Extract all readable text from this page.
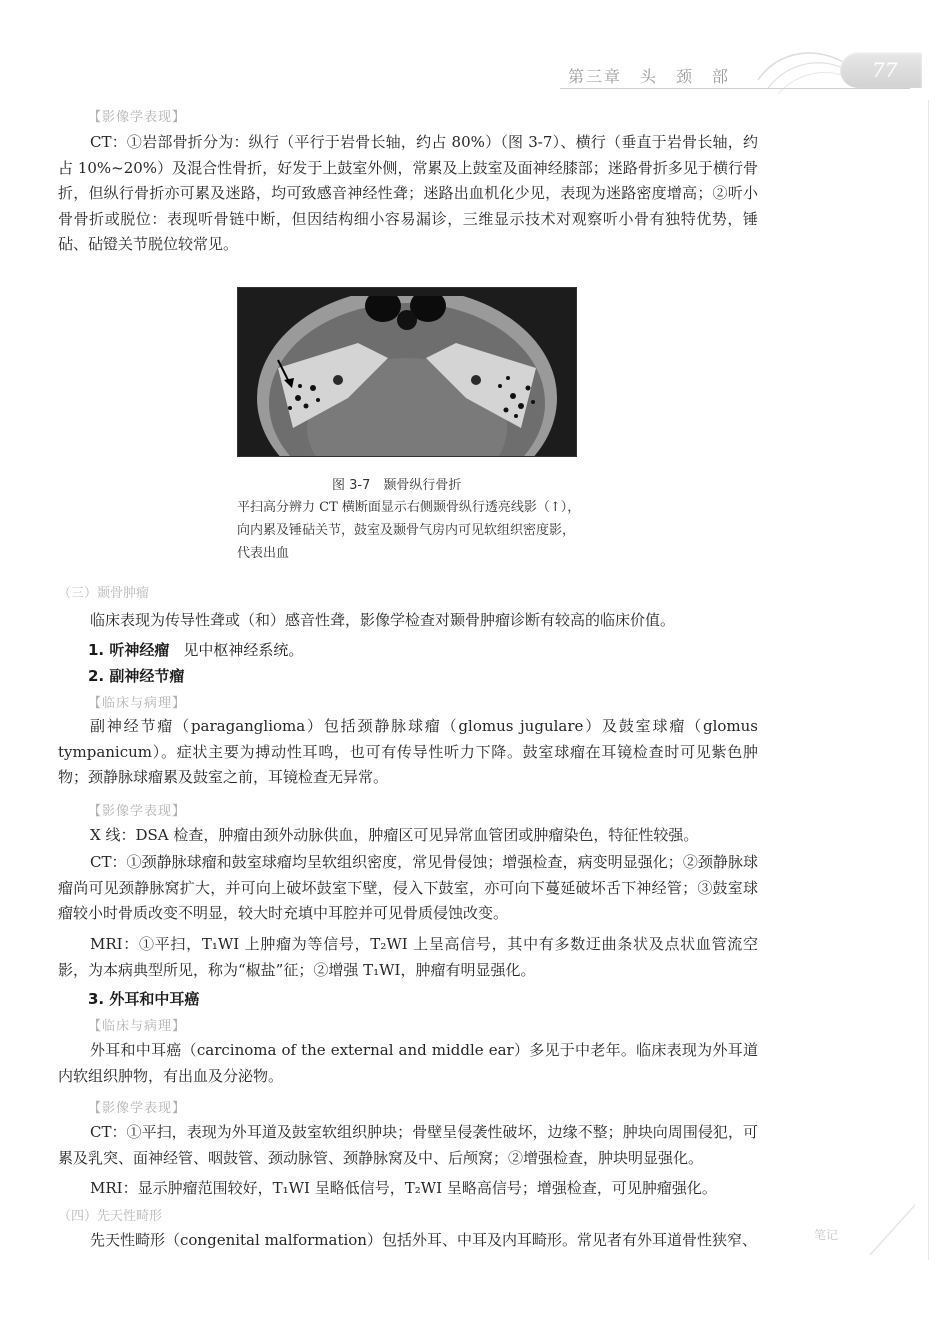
第三章　头　颈　部	77
【影像学表现】
CT：①岩部骨折分为：纵行（平行于岩骨长轴，约占 80%）（图 3-7）、横行（垂直于岩骨长轴，约占 10%~20%）及混合性骨折，好发于上鼓室外侧，常累及上鼓室及面神经膝部；迷路骨折多见于横行骨折，但纵行骨折亦可累及迷路，均可致感音神经性聋；迷路出血机化少见，表现为迷路密度增高；②听小骨骨折或脱位：表现听骨链中断，但因结构细小容易漏诊，三维显示技术对观察听小骨有独特优势，锤砧、砧镫关节脱位较常见。
图 3-7　颞骨纵行骨折
平扫高分辨力 CT 横断面显示右侧颞骨纵行透亮线影（↑），向内累及锤砧关节，鼓室及颞骨气房内可见软组织密度影，代表出血
（三）颞骨肿瘤
临床表现为传导性聋或（和）感音性聋，影像学检查对颞骨肿瘤诊断有较高的临床价值。
1. 听神经瘤 见中枢神经系统。
2. 副神经节瘤
【临床与病理】
副神经节瘤（paraganglioma）包括颈静脉球瘤（glomus jugulare）及鼓室球瘤（glomus tympanicum）。症状主要为搏动性耳鸣，也可有传导性听力下降。鼓室球瘤在耳镜检查时可见紫色肿物；颈静脉球瘤累及鼓室之前，耳镜检查无异常。
【影像学表现】
X 线：DSA 检查，肿瘤由颈外动脉供血，肿瘤区可见异常血管团或肿瘤染色，特征性较强。
CT：①颈静脉球瘤和鼓室球瘤均呈软组织密度，常见骨侵蚀；增强检查，病变明显强化；②颈静脉球瘤尚可见颈静脉窝扩大，并可向上破坏鼓室下壁，侵入下鼓室，亦可向下蔓延破坏舌下神经管；③鼓室球瘤较小时骨质改变不明显，较大时充填中耳腔并可见骨质侵蚀改变。
MRI：①平扫，T₁WI 上肿瘤为等信号，T₂WI 上呈高信号，其中有多数迂曲条状及点状血管流空影，为本病典型所见，称为“椒盐”征；②增强 T₁WI，肿瘤有明显强化。
3. 外耳和中耳癌
【临床与病理】
外耳和中耳癌（carcinoma of the external and middle ear）多见于中老年。临床表现为外耳道内软组织肿物，有出血及分泌物。
【影像学表现】
CT：①平扫，表现为外耳道及鼓室软组织肿块；骨壁呈侵袭性破坏，边缘不整；肿块向周围侵犯，可累及乳突、面神经管、咽鼓管、颈动脉管、颈静脉窝及中、后颅窝；②增强检查，肿块明显强化。
MRI：显示肿瘤范围较好，T₁WI 呈略低信号，T₂WI 呈略高信号；增强检查，可见肿瘤强化。
（四）先天性畸形
先天性畸形（congenital malformation）包括外耳、中耳及内耳畸形。常见者有外耳道骨性狭窄、	笔记
